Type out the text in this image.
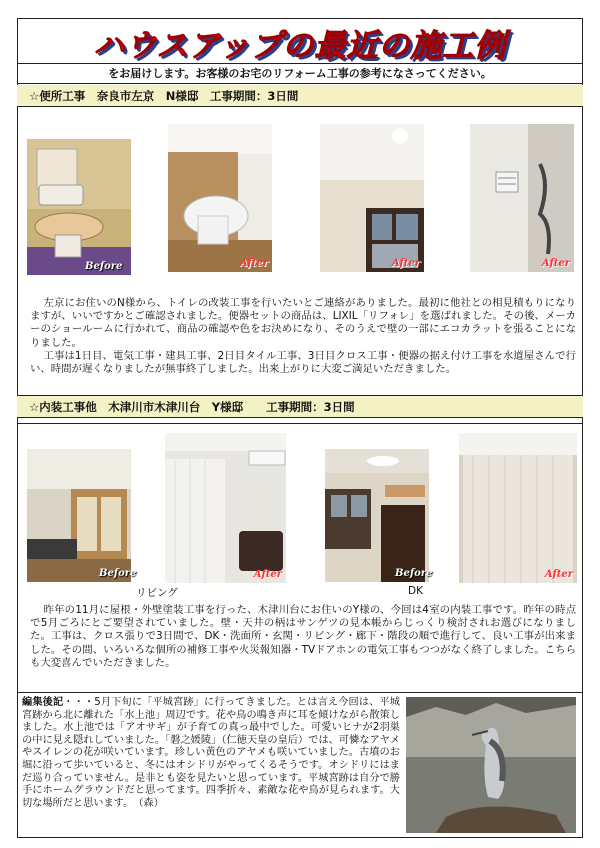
ハウスアップの最近の施工例
をお届けします。お客様のお宅のリフォーム工事の参考になさってください。
☆便所工事　奈良市左京　N様邸　工事期間：3日間
Before	After	After	After

左京にお住いのN様から、トイレの改装工事を行いたいとご連絡がありました。最初に他社との相見積もりになりますが、いいですかとご確認されました。便器セットの商品は、LIXIL「リフォレ」を選ばれました。その後、メーカーのショールームに行かれて、商品の確認や色をお決めになり、そのうえで壁の一部にエコカラットを張ることになりました。

工事は1日目、電気工事・建具工事、2日目タイル工事、3日目クロス工事・便器の据え付け工事を水道屋さんで行い、時間が遅くなりましたが無事終了しました。出来上がりに大変ご満足いただきました。

☆内装工事他　木津川市木津川台　Y様邸　　工事期間：3日間
Before	After
リビング
Before	After
DK

昨年の11月に屋根・外壁塗装工事を行った、木津川台にお住いのY様の、今回は4室の内装工事です。昨年の時点で5月ごろにとご要望されていました。壁・天井の柄はサンゲツの見本帳からじっくり検討されお選びになりました。工事は、クロス張りで3日間で、DK・洗面所・玄関・リビング・廊下・階段の順で進行して、良い工事が出来ました。その間、いろいろな個所の補修工事や火災報知器・TVドアホンの電気工事もつつがなく終了しました。こちらも大変喜んでいただきました。

編集後記・・・5月下旬に「平城宮跡」に行ってきました。とは言え今回は、平城宮跡から北に離れた「水上池」周辺です。花や鳥の鳴き声に耳を傾けながら散策しました。水上池では「アオサギ」が子育ての真っ最中でした。可愛いヒナが2羽巣の中に見え隠れしていました。「磐之媛陵」（仁徳天皇の皇后）では、可憐なアヤメやスイレンの花が咲いています。珍しい黄色のアヤメも咲いていました。古墳のお堀に沿って歩いていると、冬にはオシドリがやってくるそうです。オシドリにはまだ巡り合っていません。是非とも姿を見たいと思っています。平城宮跡は自分で勝手にホームグラウンドだと思ってます。四季折々、素敵な花や鳥が見られます。大切な場所だと思います。　（森）
